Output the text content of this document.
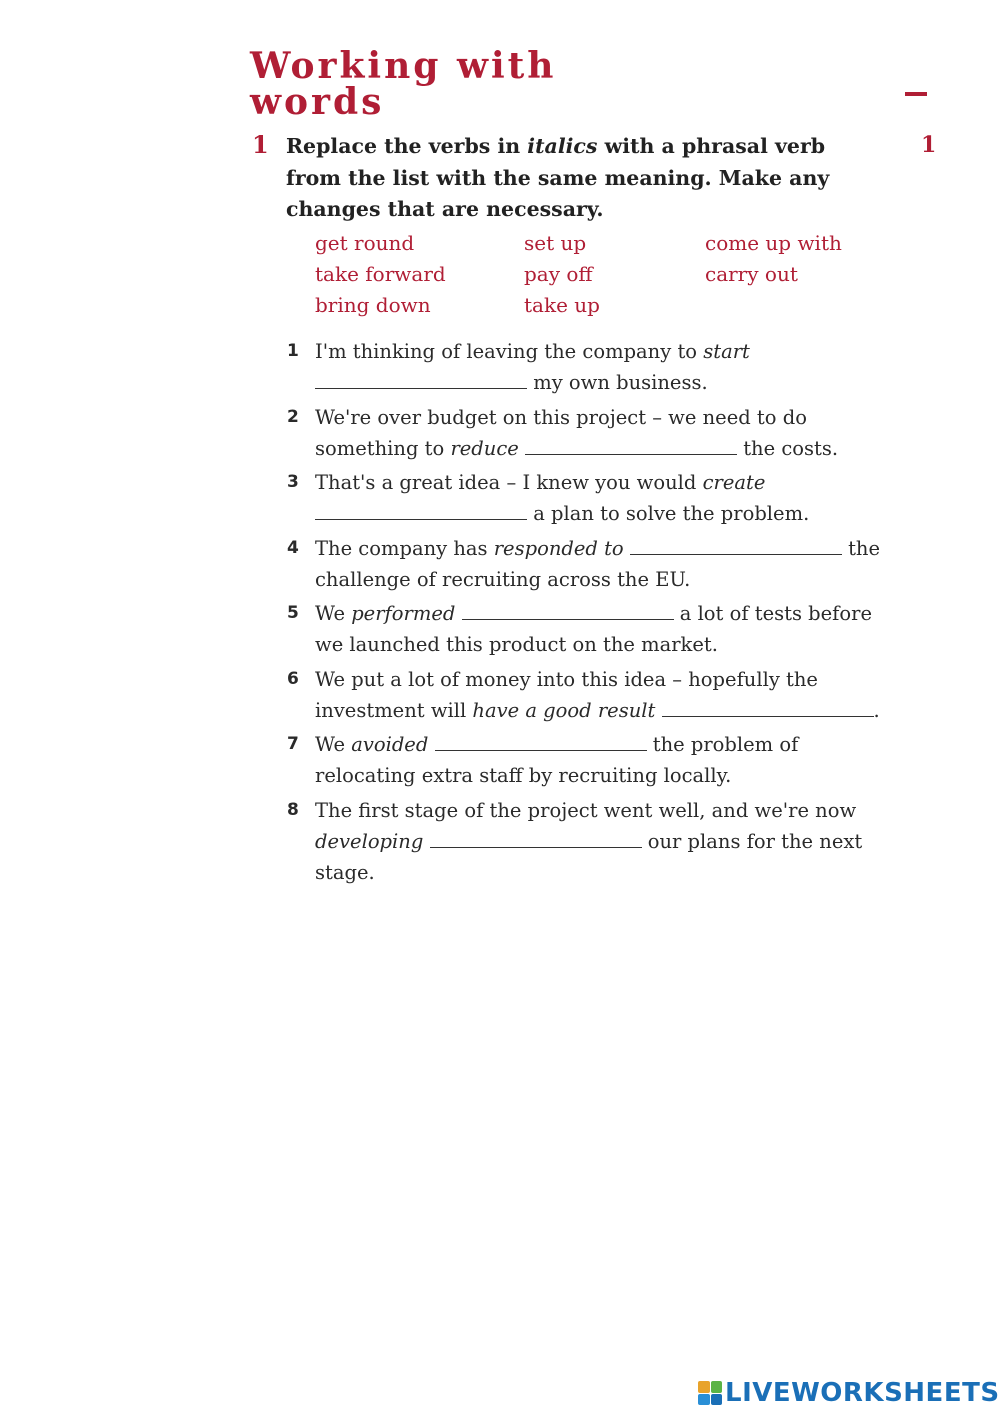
Working with words
1
1 Replace the verbs in italics with a phrasal verb from the list with the same meaning. Make any changes that are necessary.
get round	set up	come up with
take forward	pay off	carry out
bring down	take up
1 I'm thinking of leaving the company to start
my own business.
2 We're over budget on this project – we need to do something to reduce	the costs.
3 That's a great idea – I knew you would create
a plan to solve the problem.
4 The company has responded to	the challenge of recruiting across the EU.
5 We performed	a lot of tests before we launched this product on the market.
6 We put a lot of money into this idea – hopefully the investment will have a good result	.
7 We avoided	the problem of relocating extra staff by recruiting locally.
8 The first stage of the project went well, and we're now developing	our plans for the next stage.
LIVEWORKSHEETS
